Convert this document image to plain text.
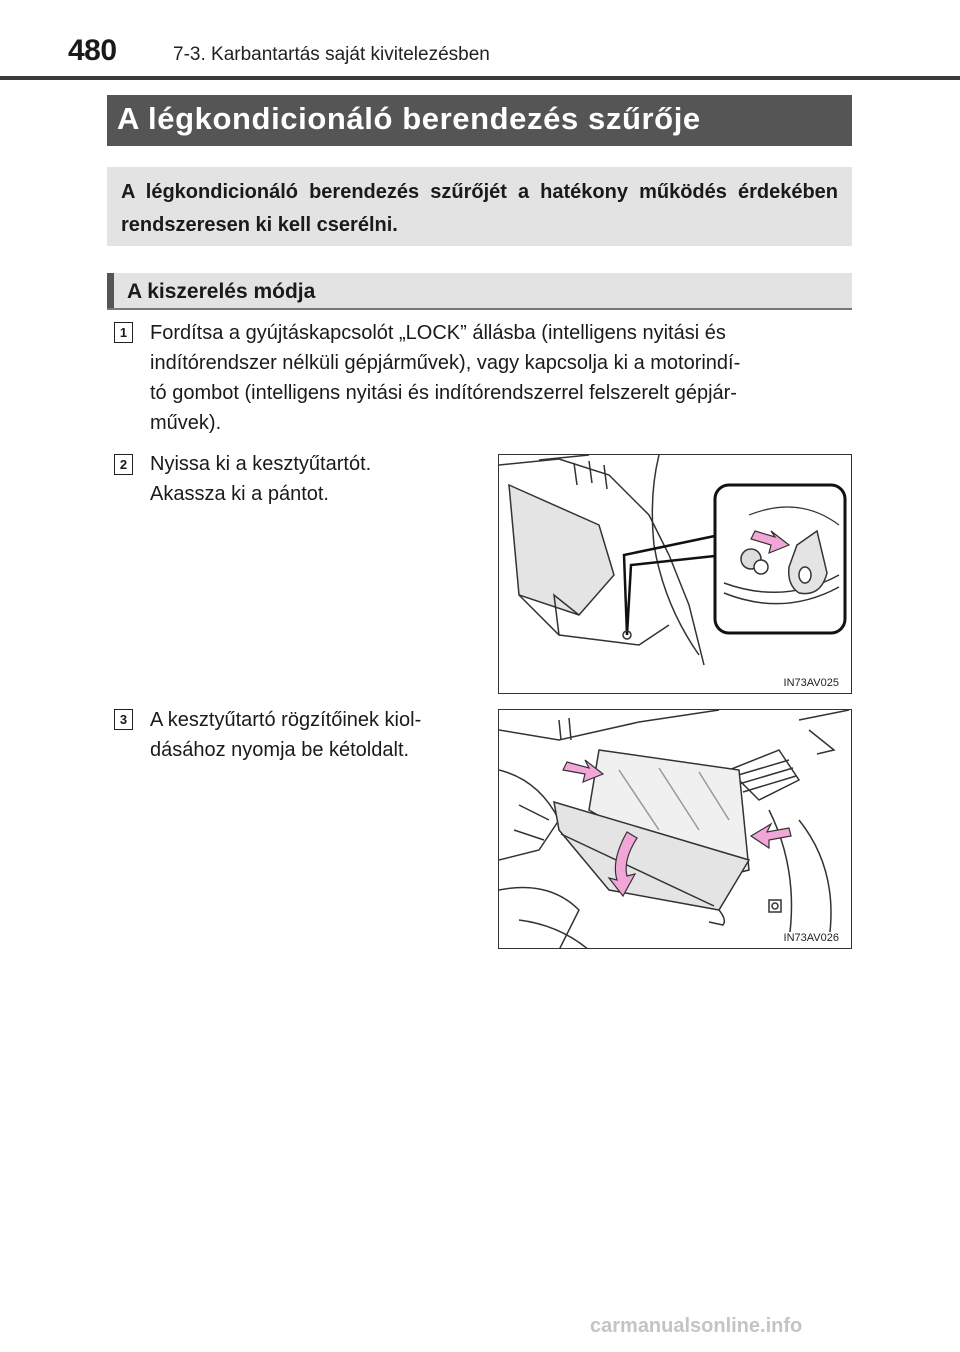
480	7-3. Karbantartás saját kivitelezésben
A légkondicionáló berendezés szűrője
A légkondicionáló berendezés szűrőjét a hatékony működés érdekében rendszeresen ki kell cserélni.
A kiszerelés módja
1 Fordítsa a gyújtáskapcsolót „LOCK” állásba (intelligens nyitási és
indítórendszer nélküli gépjárművek), vagy kapcsolja ki a motorindí-
tó gombot (intelligens nyitási és indítórendszerrel felszerelt gépjár-
művek).
2 Nyissa ki a kesztyűtartót.
Akassza ki a pántot.
IN73AV025
3 A kesztyűtartó rögzítőinek kiol-
dásához nyomja be kétoldalt.
IN73AV026
carmanualsonline.info
